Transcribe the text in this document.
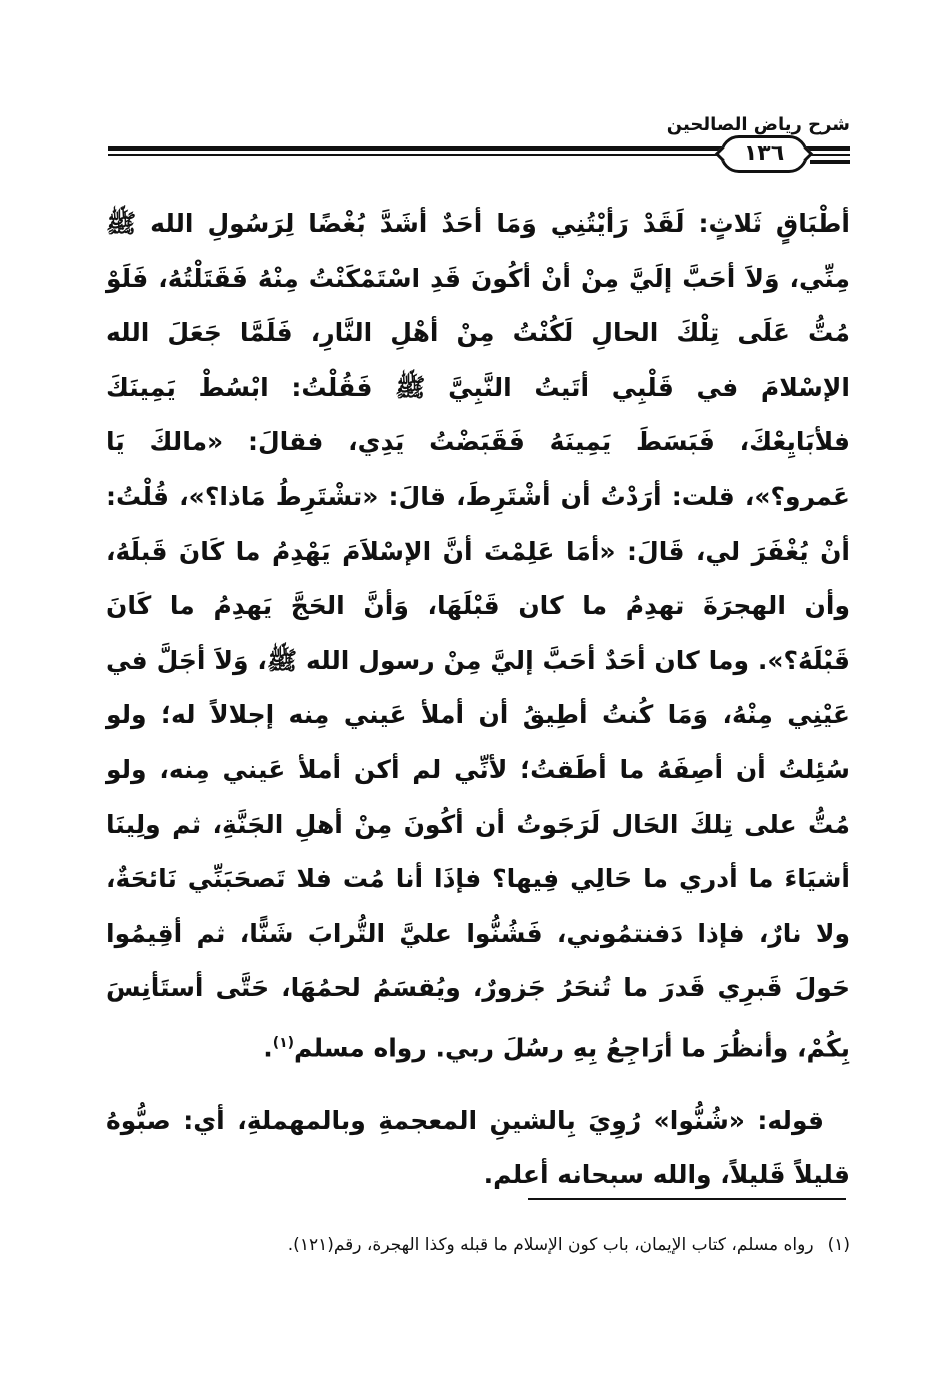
شرح رياض الصالحين
١٣٦

أطْبَاقٍ ثَلاثٍ: لَقَدْ رَأيْتُنِي وَمَا أحَدٌ أشَدَّ بُغْضًا لِرَسُولِ الله ﷺ مِنِّي، وَلاَ أحَبَّ إلَيَّ مِنْ أنْ أكُونَ قَدِ اسْتَمْكَنْتُ مِنْهُ فَقَتَلْتُهُ، فَلَوْ مُتُّ عَلَى تِلْكَ الحالِ لَكُنْتُ مِنْ أهْلِ النَّارِ، فَلَمَّا جَعَلَ الله الإسْلامَ في قَلْبِي أتَيتُ النَّبِيَّ ﷺ فَقُلْتُ: ابْسُطْ يَمِينَكَ فلأبَايِعْكَ، فَبَسَطَ يَمِينَهُ فَقَبَضْتُ يَدِي، فقالَ: «مالكَ يَا عَمرو؟»، قلت: أرَدْتُ أن أشْتَرِطَ، قالَ: «تشْتَرِطُ مَاذا؟»، قُلْتُ: أنْ يُغْفَرَ لي، قَالَ: «أمَا عَلِمْتَ أنَّ الإسْلاَمَ يَهْدِمُ ما كَانَ قَبلَهُ، وأن الهجرَةَ تهدِمُ ما كان قَبْلَهَا، وَأنَّ الحَجَّ يَهدِمُ ما كَانَ قَبْلَهُ؟». وما كان أحَدٌ أحَبَّ إليَّ مِنْ رسول الله ﷺ، وَلاَ أجَلَّ في عَيْنِي مِنْهُ، وَمَا كُنتُ أطِيقُ أن أملأ عَيني مِنه إجلالاً له؛ ولو سُئِلتُ أن أصِفَهُ ما أطَقتُ؛ لأنِّي لم أكن أملأ عَيني مِنه، ولو مُتُّ على تِلكَ الحَال لَرَجَوتُ أن أكُونَ مِنْ أهلِ الجَنَّةِ، ثم ولِينَا أشيَاءَ ما أدري ما حَالِي فِيها؟ فإذَا أنا مُت فلا تَصحَبَنِّي نَائحَةٌ، ولا نارٌ، فإذا دَفنتمُوني، فَشُنُّوا عليَّ التُّرابَ شَنًّا، ثم أقِيمُوا حَولَ قَبرِي قَدرَ ما تُنحَرُ جَزورٌ، ويُقسَمُ لحمُهَا، حَتَّى أستَأنِسَ بِكُمْ، وأنظُرَ ما أرَاجِعُ بِهِ رسُلَ ربي. رواه مسلم$^{(١)}$.

قوله: «شُنُّوا» رُوِيَ بِالشينِ المعجمةِ وبالمهملةِ، أي: صبُّوهُ قليلاً قَليلاً، والله سبحانه أعلم.

(١)رواه مسلم، كتاب الإيمان، باب كون الإسلام ما قبله وكذا الهجرة، رقم(١٢١).
